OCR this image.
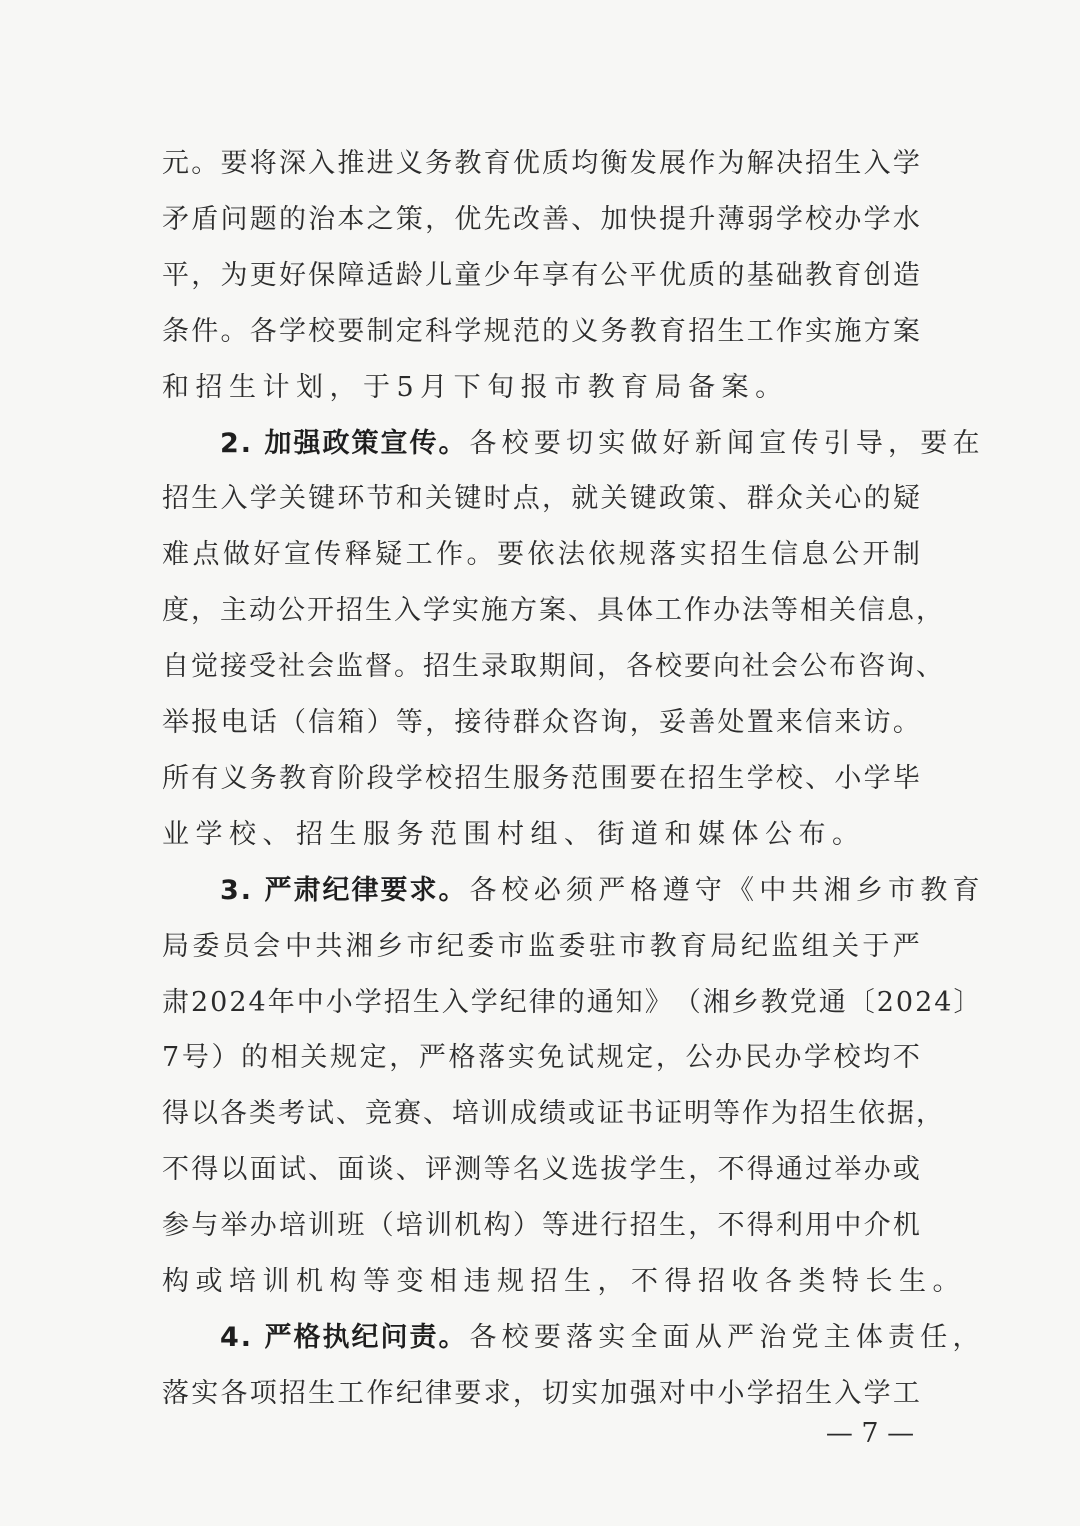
元 。 要 将 深 入 推 进 义 务 教 育 优 质 均 衡 发 展 作 为 解 决 招 生 入 学
矛 盾 问 题 的 治 本 之 策 ， 优 先 改 善 、 加 快 提 升 薄 弱 学 校 办 学 水
平 ， 为 更 好 保 障 适 龄 儿 童 少 年 享 有 公 平 优 质 的 基 础 教 育 创 造
条 件 。 各 学 校 要 制 定 科 学 规 范 的 义 务 教 育 招 生 工 作 实 施 方 案
和招生计划，于5月下旬报市教育局备案。
2. 加强政策宣传。 各校要切实做好新闻宣传引导，要在
招 生 入 学 关 键 环 节 和 关 键 时 点 ， 就 关 键 政 策 、 群 众 关 心 的 疑
难 点 做 好 宣 传 释 疑 工 作 。 要 依 法 依 规 落 实 招 生 信 息 公 开 制
度 ， 主 动 公 开 招 生 入 学 实 施 方 案 、 具 体 工 作 办 法 等 相 关 信 息 ，
自 觉 接 受 社 会 监 督 。 招 生 录 取 期 间 ， 各 校 要 向 社 会 公 布 咨 询 、
举 报 电 话 （ 信 箱 ） 等 ， 接 待 群 众 咨 询 ， 妥 善 处 置 来 信 来 访 。
所 有 义 务 教 育 阶 段 学 校 招 生 服 务 范 围 要 在 招 生 学 校 、 小 学 毕
业学校、招生服务范围村组、街道和媒体公布。
3. 严肃纪律要求。 各校必须严格遵守《中共湘乡市教育
局 委 员 会 中 共 湘 乡 市 纪 委 市 监 委 驻 市 教 育 局 纪 监 组 关 于 严
肃 2024 年 中 小 学 招 生 入 学 纪 律 的 通 知 》 （ 湘 乡 教 党 通 〔 2024 〕
7 号 ） 的 相 关 规 定 ， 严 格 落 实 免 试 规 定 ， 公 办 民 办 学 校 均 不
得 以 各 类 考 试 、 竞 赛 、 培 训 成 绩 或 证 书 证 明 等 作 为 招 生 依 据 ，
不 得 以 面 试 、 面 谈 、 评 测 等 名 义 选 拔 学 生 ， 不 得 通 过 举 办 或
参 与 举 办 培 训 班 （ 培 训 机 构 ） 等 进 行 招 生 ， 不 得 利 用 中 介 机
构或培训机构等变相违规招生，不得招收各类特长生。
4. 严格执纪问责。 各校要落实全面从严治党主体责任，
落 实 各 项 招 生 工 作 纪 律 要 求 ， 切 实 加 强 对 中 小 学 招 生 入 学 工
— 7 —
